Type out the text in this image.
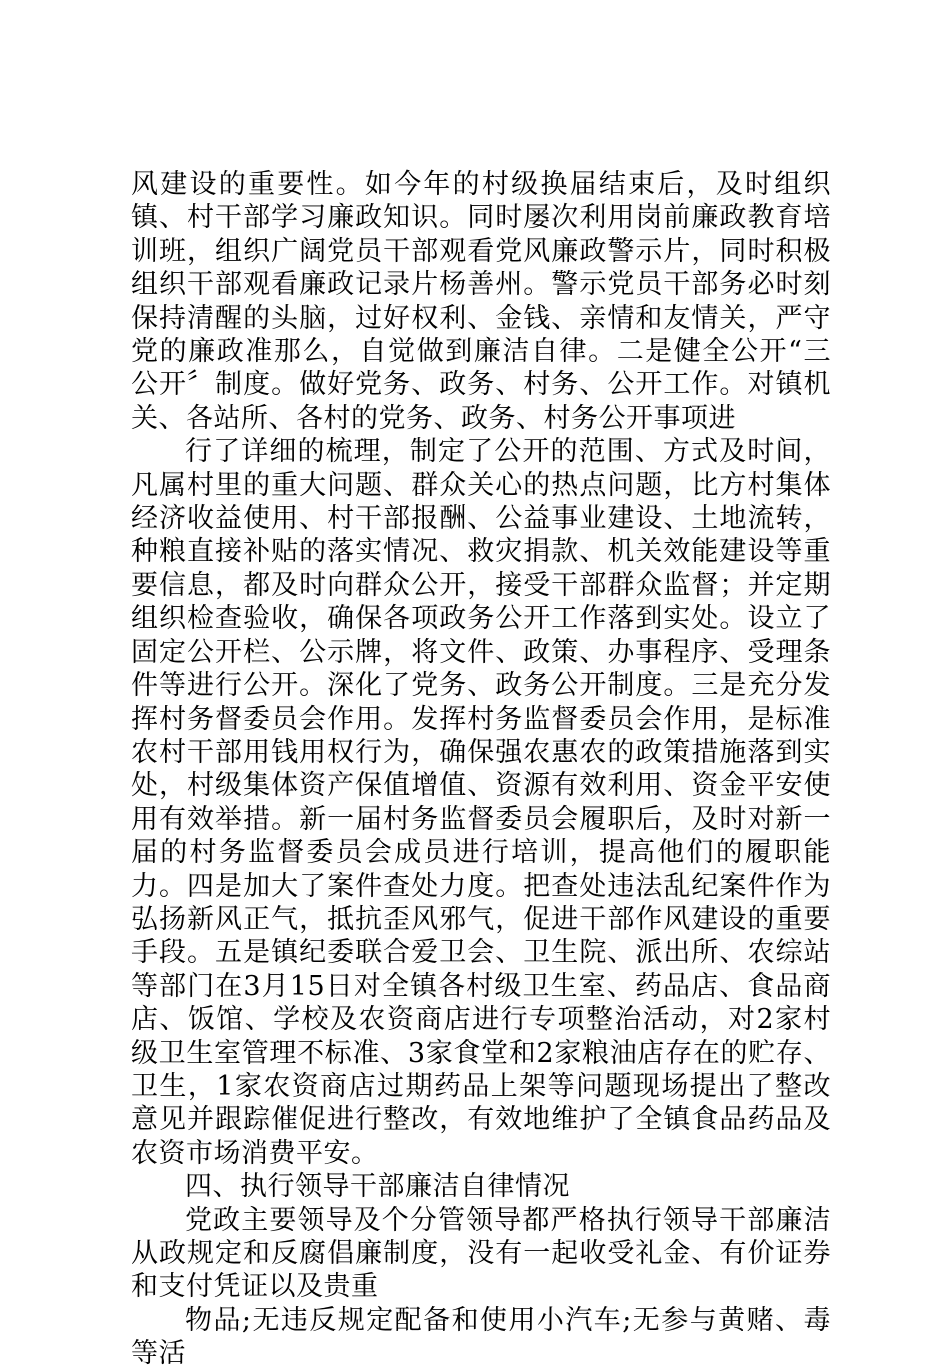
风建设的重要性。如今年的村级换届结束后，及时组织镇、村干部学习廉政知识。同时屡次利用岗前廉政教育培训班，组织广阔党员干部观看党风廉政警示片，同时积极组织干部观看廉政记录片杨善州。警示党员干部务必时刻保持清醒的头脑，过好权利、金钱、亲情和友情关，严守党的廉政准那么，自觉做到廉洁自律。二是健全公开“三公开〞制度。做好党务、政务、村务、公开工作。对镇机关、各站所、各村的党务、政务、村务公开事项进

行了详细的梳理，制定了公开的范围、方式及时间，凡属村里的重大问题、群众关心的热点问题，比方村集体经济收益使用、村干部报酬、公益事业建设、土地流转，种粮直接补贴的落实情况、救灾捐款、机关效能建设等重要信息，都及时向群众公开，接受干部群众监督；并定期组织检查验收，确保各项政务公开工作落到实处。设立了固定公开栏、公示牌，将文件、政策、办事程序、受理条件等进行公开。深化了党务、政务公开制度。三是充分发挥村务督委员会作用。发挥村务监督委员会作用，是标准农村干部用钱用权行为，确保强农惠农的政策措施落到实处，村级集体资产保值增值、资源有效利用、资金平安使用有效举措。新一届村务监督委员会履职后，及时对新一届的村务监督委员会成员进行培训，提高他们的履职能力。四是加大了案件查处力度。把查处违法乱纪案件作为弘扬新风正气，抵抗歪风邪气，促进干部作风建设的重要手段。五是镇纪委联合爱卫会、卫生院、派出所、农综站等部门在3月15日对全镇各村级卫生室、药品店、食品商店、饭馆、学校及农资商店进行专项整治活动，对2家村级卫生室管理不标准、3家食堂和2家粮油店存在的贮存、卫生，1家农资商店过期药品上架等问题现场提出了整改意见并跟踪催促进行整改，有效地维护了全镇食品药品及农资市场消费平安。

四、执行领导干部廉洁自律情况

党政主要领导及个分管领导都严格执行领导干部廉洁从政规定和反腐倡廉制度，没有一起收受礼金、有价证券和支付凭证以及贵重

物品;无违反规定配备和使用小汽车;无参与黄赌、毒等活
